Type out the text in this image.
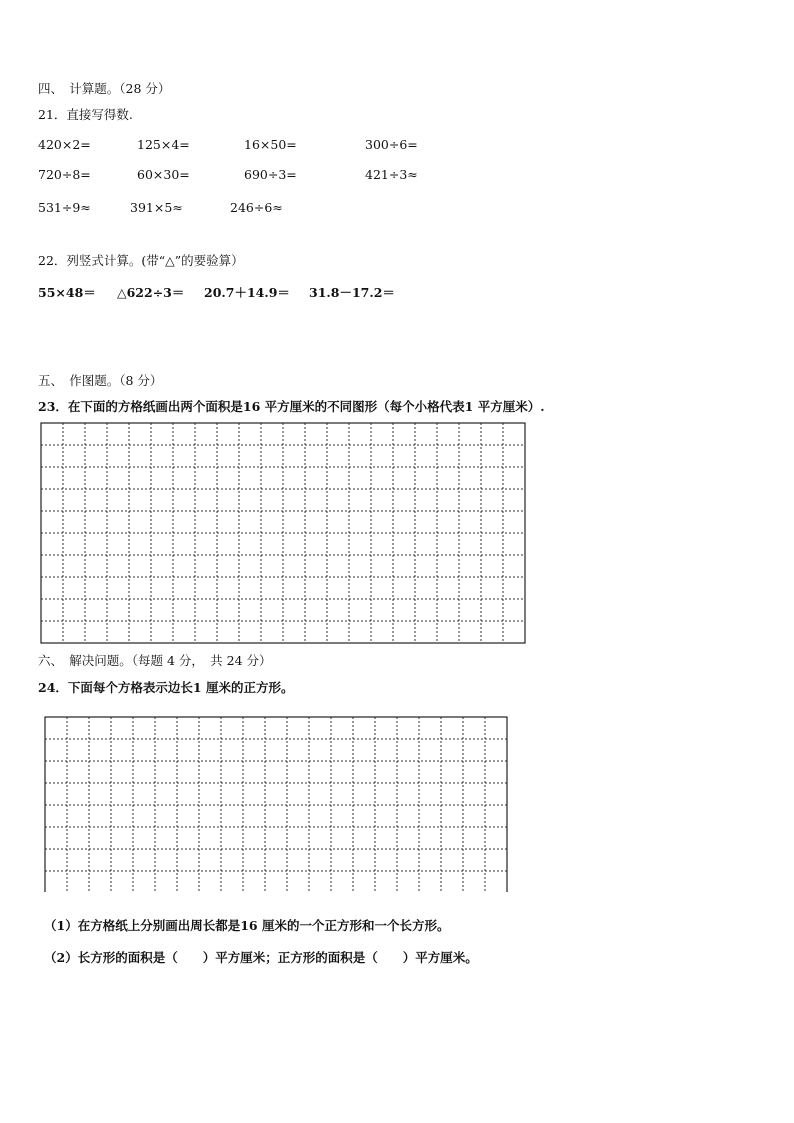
四、　计算题。（28 分）
21．直接写得数.
420×2=	125×4=	16×50=	300÷6=
720÷8=	60×30=	690÷3=	421÷3≈
531÷9≈	391×5≈	246÷6≈
22．列竖式计算。(带“△”的要验算）
55×48＝ △622÷3＝ 20.7＋14.9＝ 31.8－17.2＝
五、　作图题。（8 分）
23．在下面的方格纸画出两个面积是16 平方厘米的不同图形（每个小格代表1 平方厘米）.
六、　解决问题。（每题 4 分，　共 24 分）
24．下面每个方格表示边长1 厘米的正方形。
（1）在方格纸上分别画出周长都是16 厘米的一个正方形和一个长方形。
（2）长方形的面积是（　　）平方厘米；正方形的面积是（　　）平方厘米。
